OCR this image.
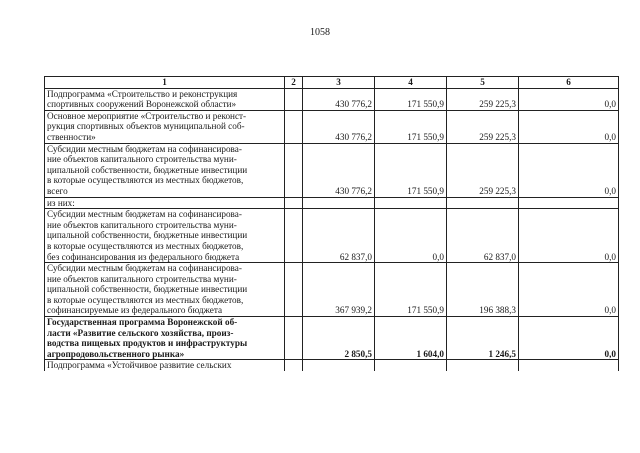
1058
1	2	3	4	5	6
Подпрограмма «Строительство и реконструкция
спортивных сооружений Воронежской области»		430 776,2	171 550,9	259 225,3	0,0
Основное мероприятие «Строительство и реконст-
рукция спортивных объектов муниципальной соб-
ственности»		430 776,2	171 550,9	259 225,3	0,0
Субсидии местным бюджетам на софинансирова-
ние объектов капитального строительства муни-
ципальной собственности, бюджетные инвестиции
в которые осуществляются из местных бюджетов,
всего		430 776,2	171 550,9	259 225,3	0,0
из них:					
Субсидии местным бюджетам на софинансирова-
ние объектов капитального строительства муни-
ципальной собственности, бюджетные инвестиции
в которые осуществляются из местных бюджетов,
без софинансирования из федерального бюджета		62 837,0	0,0	62 837,0	0,0
Субсидии местным бюджетам на софинансирова-
ние объектов капитального строительства муни-
ципальной собственности, бюджетные инвестиции
в которые осуществляются из местных бюджетов,
софинансируемые из федерального бюджета		367 939,2	171 550,9	196 388,3	0,0
Государственная программа Воронежской об-
ласти «Развитие сельского хозяйства, произ-
водства пищевых продуктов и инфраструктуры
агропродовольственного рынка»		2 850,5	1 604,0	1 246,5	0,0
Подпрограмма «Устойчивое развитие сельских					
